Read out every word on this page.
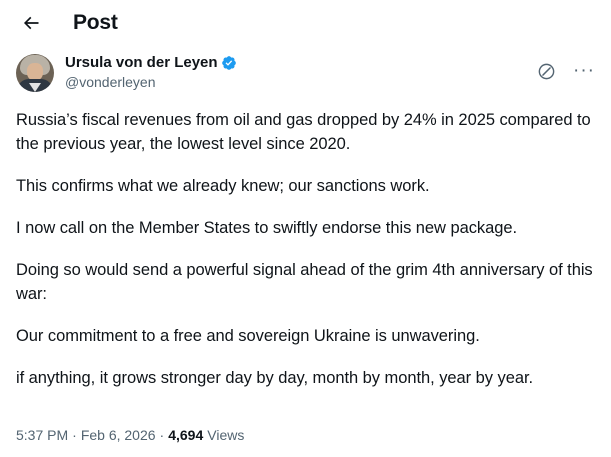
Post
Ursula von der Leyen
@vonderleyen
···

Russia’s fiscal revenues from oil and gas dropped by 24% in 2025 compared to the previous year, the lowest level since 2020.

This confirms what we already knew; our sanctions work.

I now call on the Member States to swiftly endorse this new package.

Doing so would send a powerful signal ahead of the grim 4th anniversary of this war:

Our commitment to a free and sovereign Ukraine is unwavering.

if anything, it grows stronger day by day, month by month, year by year.

5:37 PM · Feb 6, 2026 · 4,694 Views
